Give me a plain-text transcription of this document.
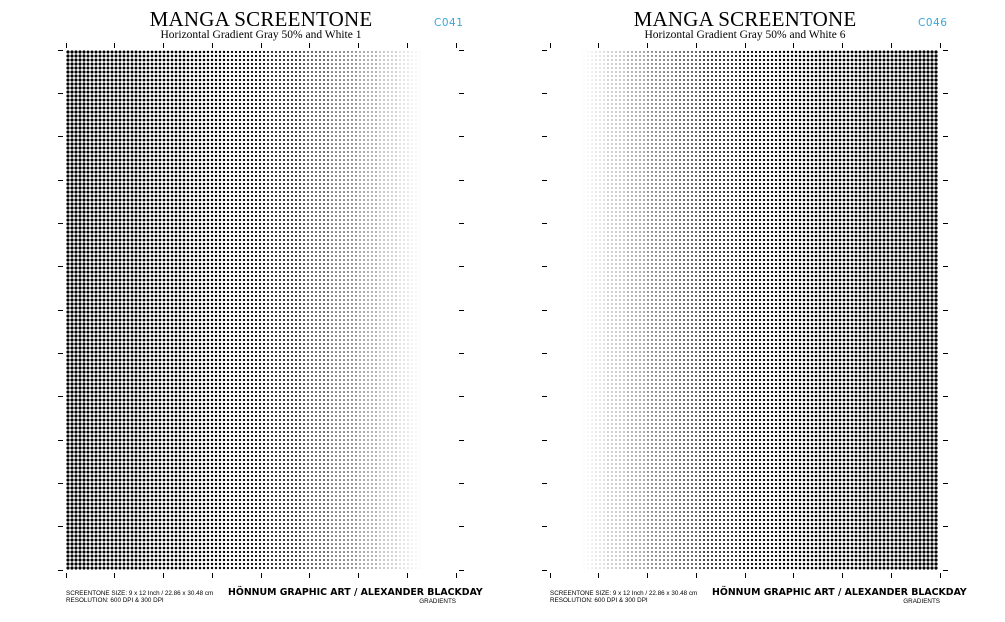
MANGA SCREENTONE
Horizontal Gradient Gray 50% and White 1
C041
SCREENTONE SIZE: 9 x 12 Inch / 22.86 x 30.48 cm
RESOLUTION: 600 DPI & 300 DPI
HÖNNUM GRAPHIC ART / ALEXANDER BLACKDAY
GRADIENTS
MANGA SCREENTONE
Horizontal Gradient Gray 50% and White 6
C046
SCREENTONE SIZE: 9 x 12 Inch / 22.86 x 30.48 cm
RESOLUTION: 600 DPI & 300 DPI
HÖNNUM GRAPHIC ART / ALEXANDER BLACKDAY
GRADIENTS
